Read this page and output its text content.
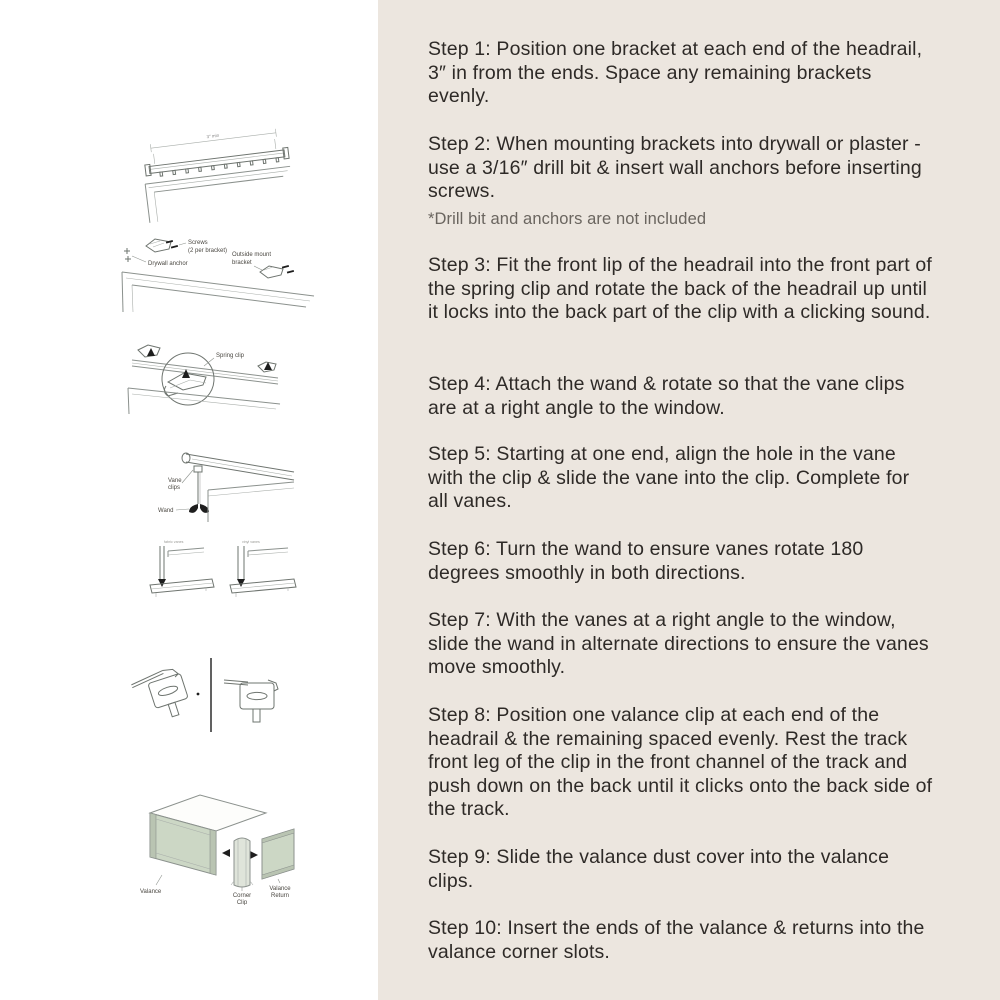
Step 1: Position one bracket at each end of the headrail, 3″ in from the ends. Space any remaining brackets evenly.
Step 2: When mounting brackets into drywall or plaster - use a 3/16″ drill bit & insert wall anchors before inserting screws.
*Drill bit and anchors are not included
Step 3: Fit the front lip of the headrail into the front part of the spring clip and rotate the back of the headrail up until it locks into the back part of the clip with a clicking sound.
Step 4: Attach the wand & rotate so that the vane clips are at a right angle to the window.
Step 5: Starting at one end, align the hole in the vane with the clip & slide the vane into the clip. Complete for all vanes.
Step 6: Turn the wand to ensure vanes rotate 180 degrees smoothly in both directions.
Step 7: With the vanes at a right angle to the window, slide the wand in alternate directions to ensure the vanes move smoothly.
Step 8: Position one valance clip at each end of the headrail & the remaining spaced evenly. Rest the track front leg of the clip in the front channel of the track and push down on the back until it clicks onto the back side of the track.
Step 9: Slide the valance dust cover into the valance clips.
Step 10: Insert the ends of the valance & returns into the valance corner slots.
3″ min
Screws
(2 per bracket)
Outside mount
bracket
Drywall anchor
Spring clip
Vane
clips
Wand
fabric vanes	vinyl vanes
Valance
Corner
Clip
Valance
Return
